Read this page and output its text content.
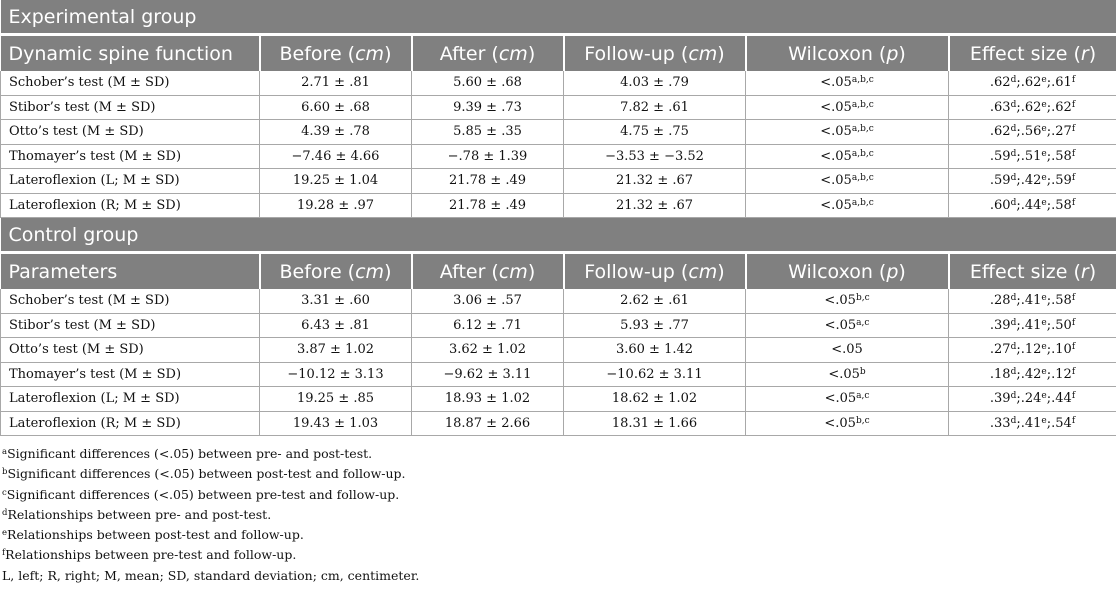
Experimental group					
Dynamic spine function	Before (cm)	After (cm)	Follow-up (cm)	Wilcoxon (p)	Effect size (r)
Schober’s test (M ± SD)	2.71 ± .81	5.60 ± .68	4.03 ± .79	$<.05^{a,b,c}$	.62$^d$;.62e;.61$^f$
Stibor’s test (M ± SD)	6.60 ± .68	9.39 ± .73	7.82 ± .61	$<.05^{a,b,c}$	.63$^d$;.62e;.62$^f$
Otto’s test (M ± SD)	4.39 ± .78	5.85 ± .35	4.75 ± .75	$<.05^{a,b,c}$	.62$^d$;.56e;.27$^f$
Thomayer’s test (M ± SD)	−7.46 ± 4.66	−.78 ± 1.39	−3.53 ± −3.52	$<.05^{a,b,c}$	.59$^d$;.51e;.58$^f$
Lateroflexion (L; M ± SD)	19.25 ± 1.04	21.78 ± .49	21.32 ± .67	$<.05^{a,b,c}$	.59$^d$;.42e;.59$^f$
Lateroflexion (R; M ± SD)	19.28 ± .97	21.78 ± .49	21.32 ± .67	$<.05^{a,b,c}$	.60$^d$;.44e;.58$^f$
Control group					
Parameters	Before (cm)	After (cm)	Follow-up (cm)	Wilcoxon (p)	Effect size (r)
Schober’s test (M ± SD)	3.31 ± .60	3.06 ± .57	2.62 ± .61	$<.05^{b,c}$	.28$^d$;.41e;.58$^f$
Stibor’s test (M ± SD)	6.43 ± .81	6.12 ± .71	5.93 ± .77	$<.05^{a,c}$	.39$^d$;.41e;.50$^f$
Otto’s test (M ± SD)	3.87 ± 1.02	3.62 ± 1.02	3.60 ± 1.42	<.05	.27$^d$;.12e;.10$^f$
Thomayer’s test (M ± SD)	−10.12 ± 3.13	−9.62 ± 3.11	−10.62 ± 3.11	<.05$^b$	.18$^d$;.42e;.12$^f$
Lateroflexion (L; M ± SD)	19.25 ± .85	18.93 ± 1.02	18.62 ± 1.02	$<.05^{a,c}$	.39$^d$;.24e;.44$^f$
Lateroflexion (R; M ± SD)	19.43 ± 1.03	18.87 ± 2.66	18.31 ± 1.66	$<.05^{b,c}$	.33$^d$;.41e;.54$^f$
$^a$Significant differences (<.05) between pre- and post-test.
$^b$Significant differences (<.05) between post-test and follow-up.
$^c$Significant differences (<.05) between pre-test and follow-up.
$^d$Relationships between pre- and post-test.
$^e$Relationships between post-test and follow-up.
$^f$Relationships between pre-test and follow-up.
L, left; R, right; M, mean; SD, standard deviation; cm, centimeter.
